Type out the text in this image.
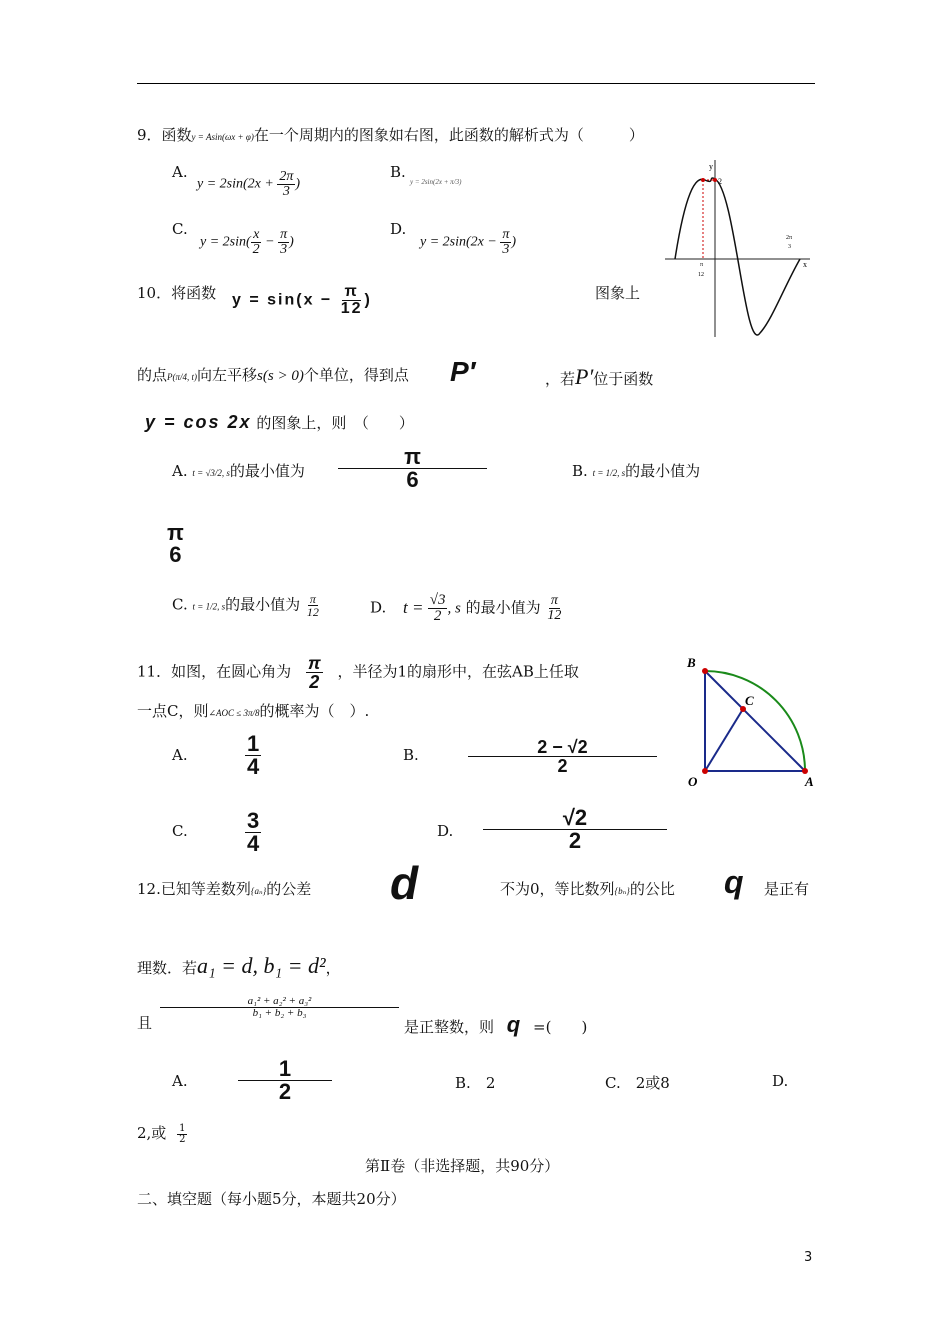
9．函数y = Asin(ωx + φ)在一个周期内的图象如右图，此函数的解析式为（　　　）
A.
$y = 2\sin(2x + \frac{2\pi}{3}$ )
B.
y = 2sin(2x + π/3)
C.
$y = 2\sin( \frac{x}{2} - \frac{\pi}{3}$ )
D.
$y = 2\sin(2x - \frac{\pi}{3}$ )
y
x
2
π
12
2π
3
10．将函数 $y = \sin(x - \frac{\pi}{12}$ )	图象上
的点P(π/4, t)向左平移s(s > 0)个单位，得到点 P′	，若P′位于函数
y = cos 2x 的图象上，则　（　　）
A. t = √3/2, s的最小值为 $\frac{\pi}{6}$	B. t = 1/2, s的最小值为
π
6
C. t = 1/2, s的最小值为 $\frac{\pi}{12}$	D. $t = \frac{√3}{2}$ , s 的最小值为 $\frac{\pi}{12}$
11．如图，在圆心角为 $\frac{\pi}{2}$ ，半径为1的扇形中，在弦AB上任取
一点C，则∠AOC ≤ 3π/8的概率为（　）.
A.	$\frac{1}{4}$	B.	$\frac{2 - √2}{2}$
C.	$\frac{3}{4}$	D. $\frac{√2}{2}$
B
C
O	A
12.已知等差数列{aₙ}的公差 d	不为0，等比数列{bₙ}的公比 q 是正有
理数．若a₁ = d, b₁ = d²，
且
$\frac{\text{a₁² + a₂² + a₃²}}{\text{b₁ + b₂ + b₃}}$
是正整数，则 q =(　　)
A. $\frac{1}{2}$	B.　 2	C.　 2或8	D.
2,或 $\frac{1}{2}$
第Ⅱ卷（非选择题，共90分）
二、填空题（每小题5分，本题共20分）
3
